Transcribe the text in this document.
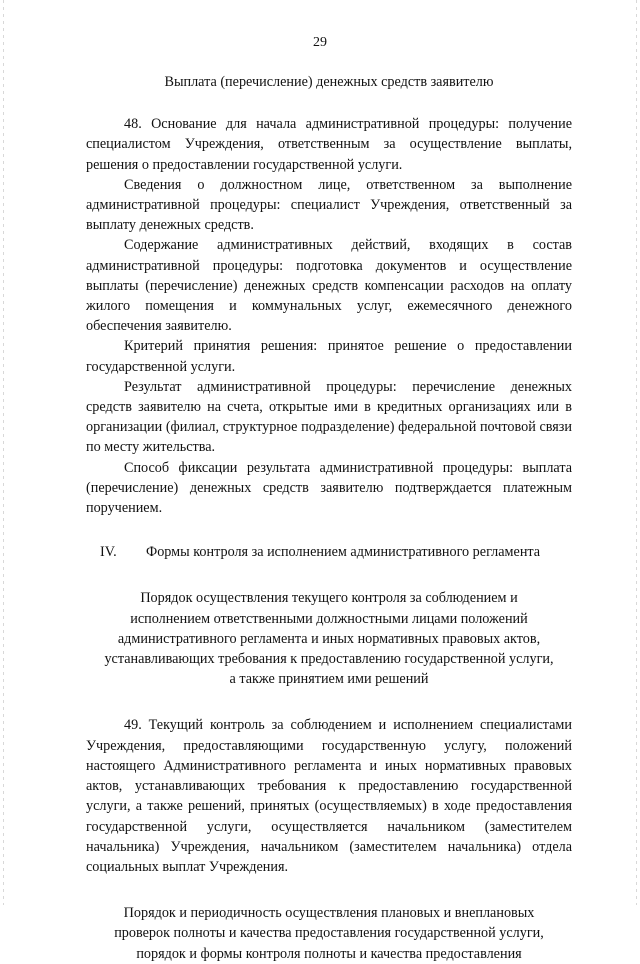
29

Выплата (перечисление) денежных средств заявителю

48. Основание для начала административной процедуры: получение специалистом Учреждения, ответственным за осуществление выплаты, решения о предоставлении государственной услуги.

Сведения о должностном лице, ответственном за выполнение административной процедуры: специалист Учреждения, ответственный за выплату денежных средств.

Содержание административных действий, входящих в состав административной процедуры: подготовка документов и осуществление выплаты (перечисление) денежных средств компенсации расходов на оплату жилого помещения и коммунальных услуг, ежемесячного денежного обеспечения заявителю.

Критерий принятия решения: принятое решение о предоставлении государственной услуги.

Результат административной процедуры: перечисление денежных средств заявителю на счета, открытые ими в кредитных организациях или в организации (филиал, структурное подразделение) федеральной почтовой связи по месту жительства.

Способ фиксации результата административной процедуры: выплата (перечисление) денежных средств заявителю подтверждается платежным поручением.

IV.	Формы контроля за исполнением административного регламента

Порядок осуществления текущего контроля за соблюдением и
исполнением ответственными должностными лицами положений
административного регламента и иных нормативных правовых актов,
устанавливающих требования к предоставлению государственной услуги,
а также принятием ими решений

49. Текущий контроль за соблюдением и исполнением специалистами Учреждения, предоставляющими государственную услугу, положений настоящего Административного регламента и иных нормативных правовых актов, устанавливающих требования к предоставлению государственной услуги, а также решений, принятых (осуществляемых) в ходе предоставления государственной услуги, осуществляется начальником (заместителем начальника) Учреждения, начальником (заместителем начальника) отдела социальных выплат Учреждения.

Порядок и периодичность осуществления плановых и внеплановых
проверок полноты и качества предоставления государственной услуги,
порядок и формы контроля полноты и качества предоставления
